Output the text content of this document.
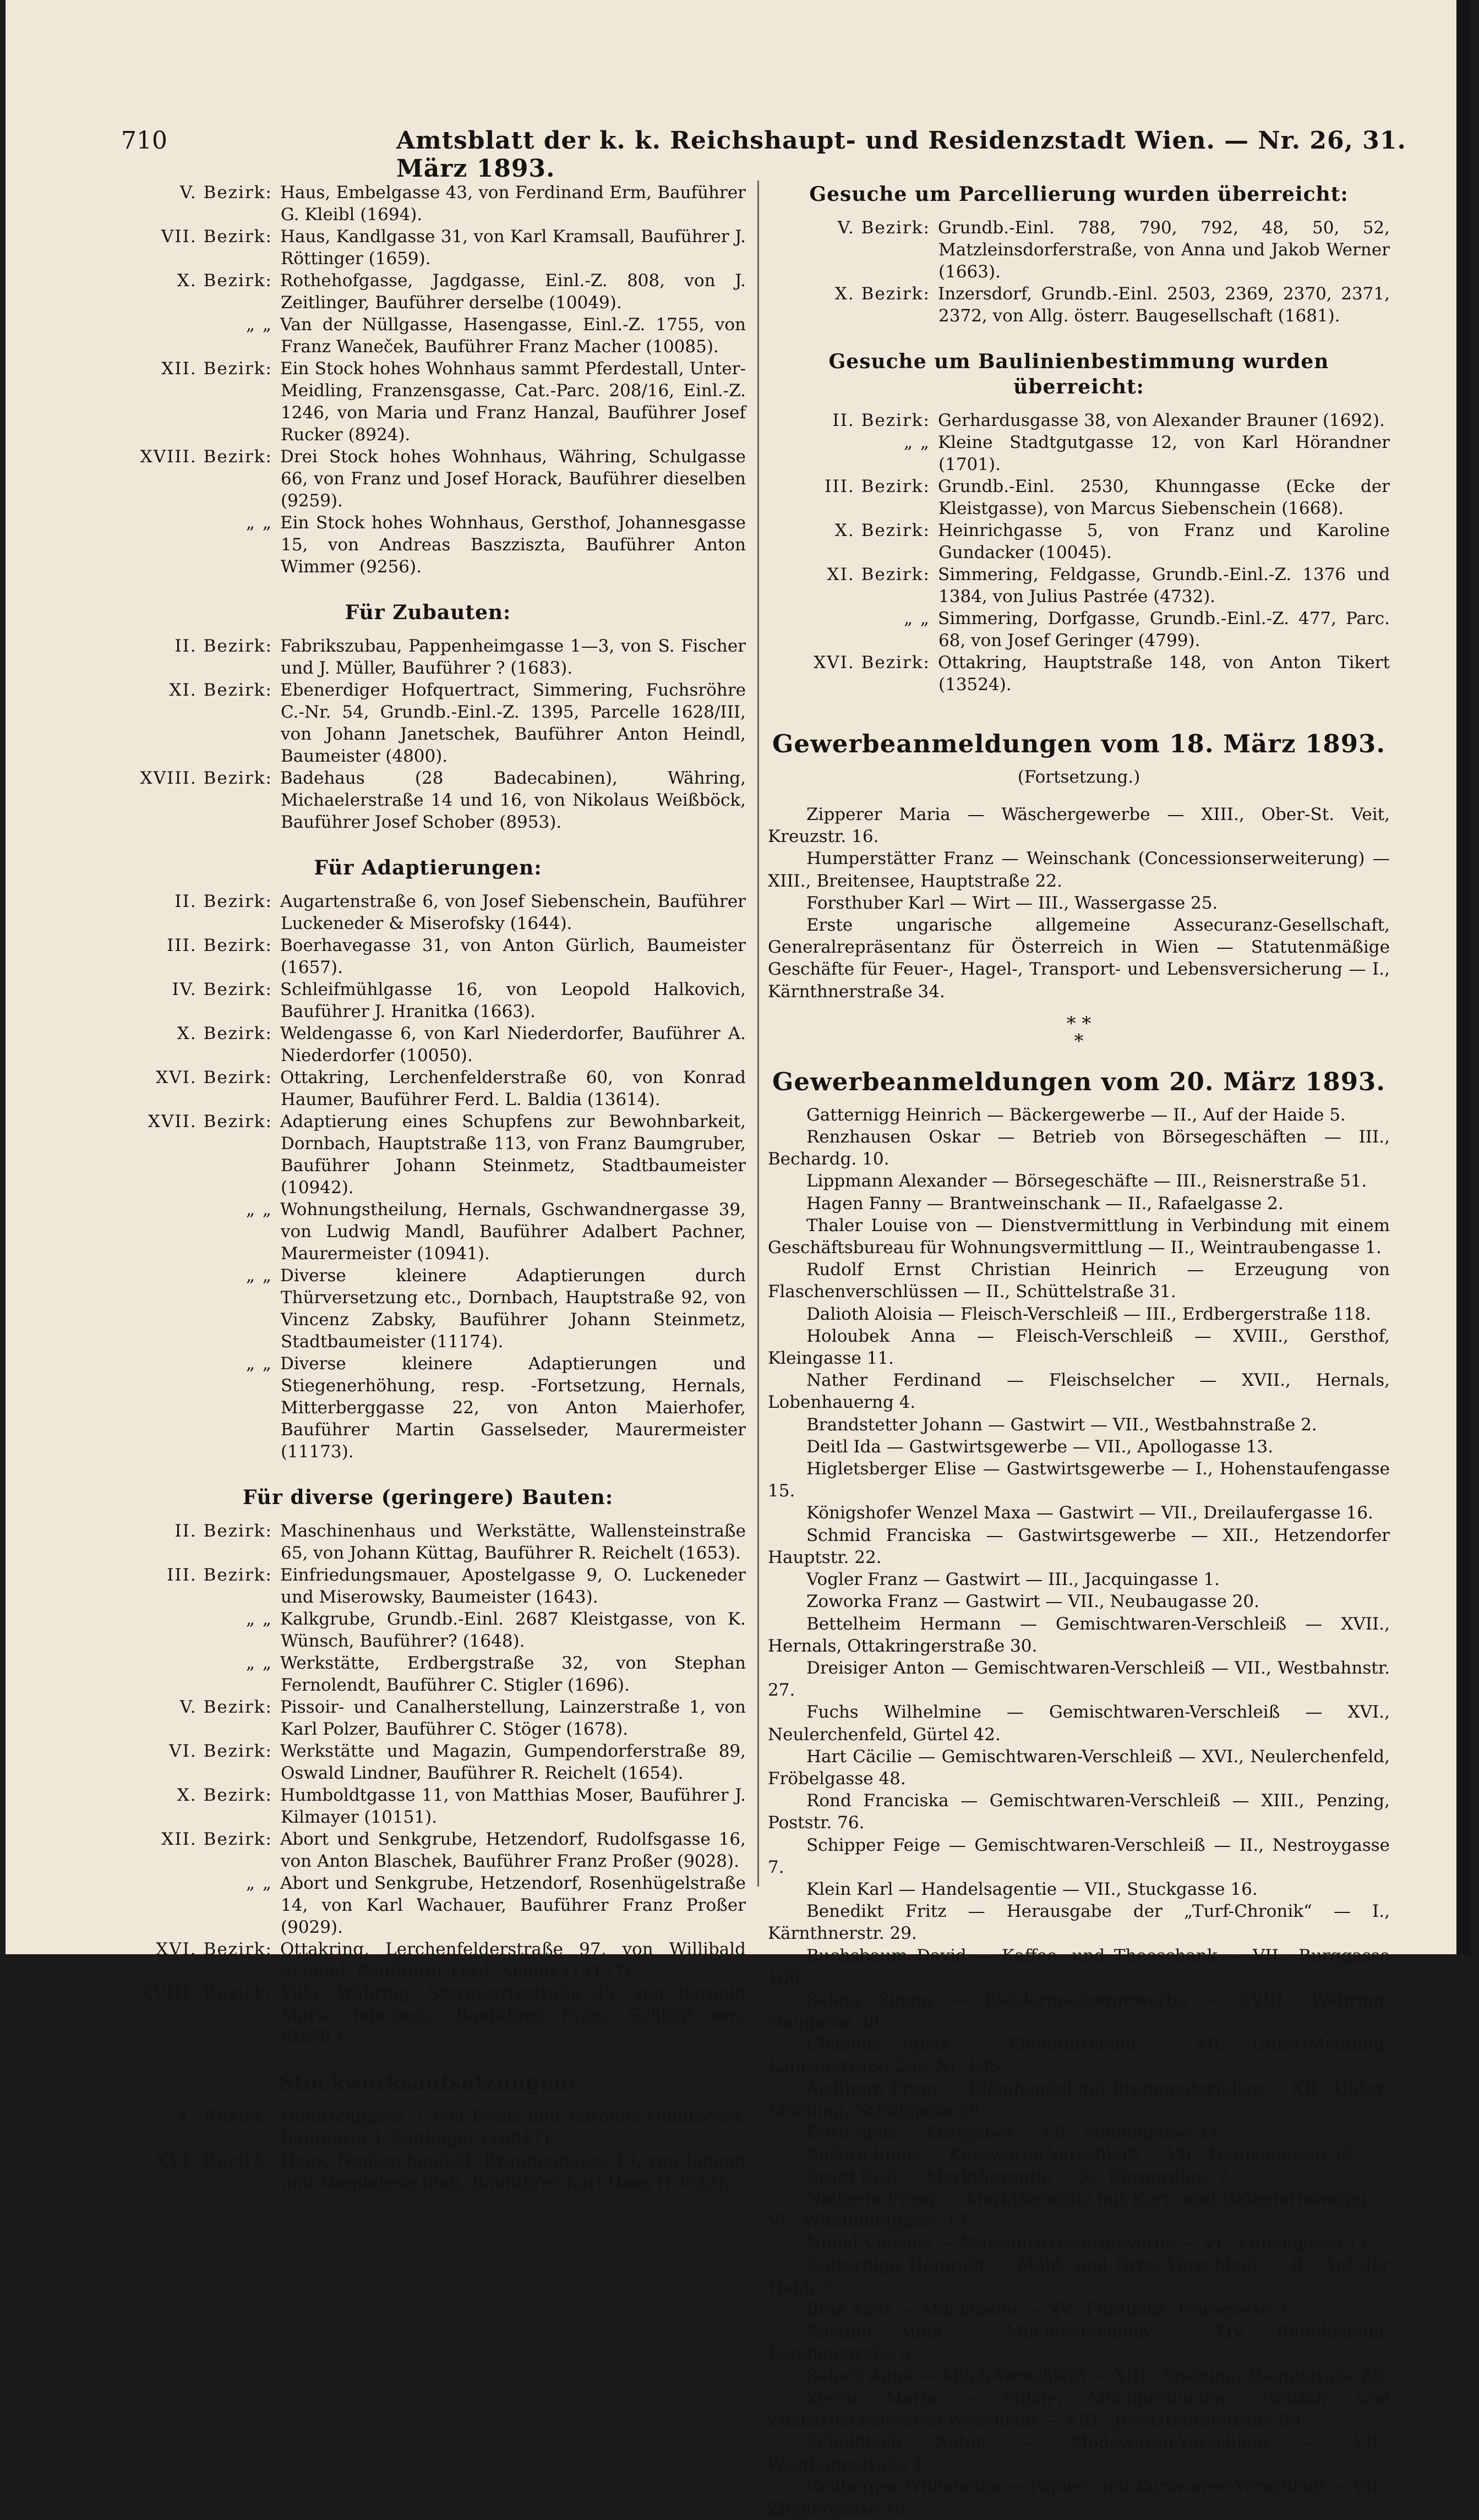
710	Amtsblatt der k. k. Reichshaupt- und Residenzstadt Wien. — Nr. 26, 31. März 1893.
V. Bezirk: Haus, Embelgasse 43, von Ferdinand Erm, Bauführer G. Kleibl (1694).
VII. Bezirk: Haus, Kandlgasse 31, von Karl Kramsall, Bauführer J. Röttinger (1659).
X. Bezirk: Rothehofgasse, Jagdgasse, Einl.-Z. 808, von J. Zeitlinger, Bauführer derselbe (10049).
„ „ Van der Nüllgasse, Hasengasse, Einl.-Z. 1755, von Franz Waneček, Bauführer Franz Macher (10085).
XII. Bezirk: Ein Stock hohes Wohnhaus sammt Pferdestall, Unter-Meidling, Franzensgasse, Cat.-Parc. 208/16, Einl.-Z. 1246, von Maria und Franz Hanzal, Bauführer Josef Rucker (8924).
XVIII. Bezirk: Drei Stock hohes Wohnhaus, Währing, Schulgasse 66, von Franz und Josef Horack, Bauführer dieselben (9259).
„ „ Ein Stock hohes Wohnhaus, Gersthof, Johannesgasse 15, von Andreas Baszziszta, Bauführer Anton Wimmer (9256).
Für Zubauten:
II. Bezirk: Fabrikszubau, Pappenheimgasse 1—3, von S. Fischer und J. Müller, Bauführer ? (1683).
XI. Bezirk: Ebenerdiger Hofquertract, Simmering, Fuchsröhre C.-Nr. 54, Grundb.-Einl.-Z. 1395, Parcelle 1628/III, von Johann Janetschek, Bauführer Anton Heindl, Baumeister (4800).
XVIII. Bezirk: Badehaus (28 Badecabinen), Währing, Michaelerstraße 14 und 16, von Nikolaus Weißböck, Bauführer Josef Schober (8953).
Für Adaptierungen:
II. Bezirk: Augartenstraße 6, von Josef Siebenschein, Bauführer Luckeneder & Miserofsky (1644).
III. Bezirk: Boerhavegasse 31, von Anton Gürlich, Baumeister (1657).
IV. Bezirk: Schleifmühlgasse 16, von Leopold Halkovich, Bauführer J. Hranitka (1663).
X. Bezirk: Weldengasse 6, von Karl Niederdorfer, Bauführer A. Niederdorfer (10050).
XVI. Bezirk: Ottakring, Lerchenfelderstraße 60, von Konrad Haumer, Bauführer Ferd. L. Baldia (13614).
XVII. Bezirk: Adaptierung eines Schupfens zur Bewohnbarkeit, Dornbach, Hauptstraße 113, von Franz Baumgruber, Bauführer Johann Steinmetz, Stadtbaumeister (10942).
„ „ Wohnungstheilung, Hernals, Gschwandnergasse 39, von Ludwig Mandl, Bauführer Adalbert Pachner, Maurermeister (10941).
„ „ Diverse kleinere Adaptierungen durch Thürversetzung etc., Dornbach, Hauptstraße 92, von Vincenz Zabsky, Bauführer Johann Steinmetz, Stadtbaumeister (11174).
„ „ Diverse kleinere Adaptierungen und Stiegenerhöhung, resp. -Fortsetzung, Hernals, Mitterberggasse 22, von Anton Maierhofer, Bauführer Martin Gasselseder, Maurermeister (11173).
Für diverse (geringere) Bauten:
II. Bezirk: Maschinenhaus und Werkstätte, Wallensteinstraße 65, von Johann Küttag, Bauführer R. Reichelt (1653).
III. Bezirk: Einfriedungsmauer, Apostelgasse 9, O. Luckeneder und Miserowsky, Baumeister (1643).
„ „ Kalkgrube, Grundb.-Einl. 2687 Kleistgasse, von K. Wünsch, Bauführer? (1648).
„ „ Werkstätte, Erdbergstraße 32, von Stephan Fernolendt, Bauführer C. Stigler (1696).
V. Bezirk: Pissoir- und Canalherstellung, Lainzerstraße 1, von Karl Polzer, Bauführer C. Stöger (1678).
VI. Bezirk: Werkstätte und Magazin, Gumpendorferstraße 89, Oswald Lindner, Bauführer R. Reichelt (1654).
X. Bezirk: Humboldtgasse 11, von Matthias Moser, Bauführer J. Kilmayer (10151).
XII. Bezirk: Abort und Senkgrube, Hetzendorf, Rudolfsgasse 16, von Anton Blaschek, Bauführer Franz Proßer (9028).
„ „ Abort und Senkgrube, Hetzendorf, Rosenhügelstraße 14, von Karl Wachauer, Bauführer Franz Proßer (9029).
XVI. Bezirk: Ottakring, Lerchenfelderstraße 97, von Willibald Schmid, Bauführer Ferd. Scholz (13127).
XVIII. Bezirk: Villa, Währing, Sternwartestraße 45, von Baronin Marie Talacianu, Bauführer Franz Schlögl sen. (9258.)
Stockwerksaufsetzungen:
X. Bezirk: Heinrichgasse 5, von Franz und Karoline Gundacker, Bauführer J. Zeitlinger (10047).
XVI. Bezirk: Haus, Neulerchenfeld, Brunnengasse 43, von Johann und Magdalena Rieß, Bauführer Karl Haas (13522).
Gesuche um Parcellierung wurden überreicht:
V. Bezirk: Grundb.-Einl. 788, 790, 792, 48, 50, 52, Matzleinsdorferstraße, von Anna und Jakob Werner (1663).
X. Bezirk: Inzersdorf, Grundb.-Einl. 2503, 2369, 2370, 2371, 2372, von Allg. österr. Baugesellschaft (1681).
Gesuche um Baulinienbestimmung wurden überreicht:
II. Bezirk: Gerhardusgasse 38, von Alexander Brauner (1692).
„ „ Kleine Stadtgutgasse 12, von Karl Hörandner (1701).
III. Bezirk: Grundb.-Einl. 2530, Khunngasse (Ecke der Kleistgasse), von Marcus Siebenschein (1668).
X. Bezirk: Heinrichgasse 5, von Franz und Karoline Gundacker (10045).
XI. Bezirk: Simmering, Feldgasse, Grundb.-Einl.-Z. 1376 und 1384, von Julius Pastrée (4732).
„ „ Simmering, Dorfgasse, Grundb.-Einl.-Z. 477, Parc. 68, von Josef Geringer (4799).
XVI. Bezirk: Ottakring, Hauptstraße 148, von Anton Tikert (13524).
Gewerbeanmeldungen vom 18. März 1893.
(Fortsetzung.)
Zipperer Maria — Wäschergewerbe — XIII., Ober-St. Veit, Kreuzstr. 16.
Humperstätter Franz — Weinschank (Concessionserweiterung) — XIII., Breitensee, Hauptstraße 22.
Forsthuber Karl — Wirt — III., Wassergasse 25.
Erste ungarische allgemeine Assecuranz-Gesellschaft, Generalrepräsentanz für Österreich in Wien — Statutenmäßige Geschäfte für Feuer-, Hagel-, Transport- und Lebensversicherung — I., Kärnthnerstraße 34.
* *
*
Gewerbeanmeldungen vom 20. März 1893.
Gatternigg Heinrich — Bäckergewerbe — II., Auf der Haide 5.
Renzhausen Oskar — Betrieb von Börsegeschäften — III., Bechardg. 10.
Lippmann Alexander — Börsegeschäfte — III., Reisnerstraße 51.
Hagen Fanny — Brantweinschank — II., Rafaelgasse 2.
Thaler Louise von — Dienstvermittlung in Verbindung mit einem Geschäftsbureau für Wohnungsvermittlung — II., Weintraubengasse 1.
Rudolf Ernst Christian Heinrich — Erzeugung von Flaschenverschlüssen — II., Schüttelstraße 31.
Dalioth Aloisia — Fleisch-Verschleiß — III., Erdbergerstraße 118.
Holoubek Anna — Fleisch-Verschleiß — XVIII., Gersthof, Kleingasse 11.
Nather Ferdinand — Fleischselcher — XVII., Hernals, Lobenhauerng 4.
Brandstetter Johann — Gastwirt — VII., Westbahnstraße 2.
Deitl Ida — Gastwirtsgewerbe — VII., Apollogasse 13.
Higletsberger Elise — Gastwirtsgewerbe — I., Hohenstaufengasse 15.
Königshofer Wenzel Maxa — Gastwirt — VII., Dreilaufergasse 16.
Schmid Franciska — Gastwirtsgewerbe — XII., Hetzendorfer Hauptstr. 22.
Vogler Franz — Gastwirt — III., Jacquingasse 1.
Zoworka Franz — Gastwirt — VII., Neubaugasse 20.
Bettelheim Hermann — Gemischtwaren-Verschleiß — XVII., Hernals, Ottakringerstraße 30.
Dreisiger Anton — Gemischtwaren-Verschleiß — VII., Westbahnstr. 27.
Fuchs Wilhelmine — Gemischtwaren-Verschleiß — XVI., Neulerchenfeld, Gürtel 42.
Hart Cäcilie — Gemischtwaren-Verschleiß — XVI., Neulerchenfeld, Fröbelgasse 48.
Rond Franciska — Gemischtwaren-Verschleiß — XIII., Penzing, Poststr. 76.
Schipper Feige — Gemischtwaren-Verschleiß — II., Nestroygasse 7.
Klein Karl — Handelsagentie — VII., Stuckgasse 16.
Benedikt Fritz — Herausgabe der „Turf-Chronik“ — I., Kärnthnerstr. 29.
Buchsbaum David — Kaffee- und Theeschank — VII., Burggasse 106.
Saleta Simon — Kleidermachergewerbe — XVIII., Währing, Neugasse 38.
Clemenz Ignaz — Kleinfuhrmann — XII., Unter-Meidling, Lainzerstraße Cat.-Nr. 195.
Aichhorn Franz — Kleinhandel mit Brennmaterialien — XII., Unter-Meidling, Schulgasse 38.
Dorn Alois — Kostgeber — VII., Seidengasse 24.
Kučera Ignaz — Kurzwaren-Verschleiß — VII., Neubaugasse 59.
Brodt Resi — Marktfierantie — X., Bürgerplatz 7.
Nieberle Franz — Marktfierantie mit Kurz- und Galanteriewaren — VI., Windmühlgasse 17.
Nohel Vincenz — Maschinstrickergewerbe — VI., Liniengasse 11.
Gatternigg Heinrich — Mehl- und Gries-Verschleiß — II., Auf der Haide 5.
Bina Alois — Milchmeier — XV., Fünfhaus, Friesgasse 5.
Kästner Anna — Milch-Verschleiß — XIV., Rudolfsheim, Lerchenstraße 5.
Selack Anna — Milch-Verschleiß — XIII., Speising, Hauptstraße 89.
Zierer Maria — Milch-, Milchproducten-, Gebäck- und Zuckerbäckerwaren-Verschleiß — VIII., Josefstädterstraße 89.
Schollitsch Anton — Modewaren-Verschleiß — VII., Westbahnstraße 1.
Rehberger Wilhelmine — Papier- und Kurzwaren-Verschleiß — VII., Zieglergasse 16.
